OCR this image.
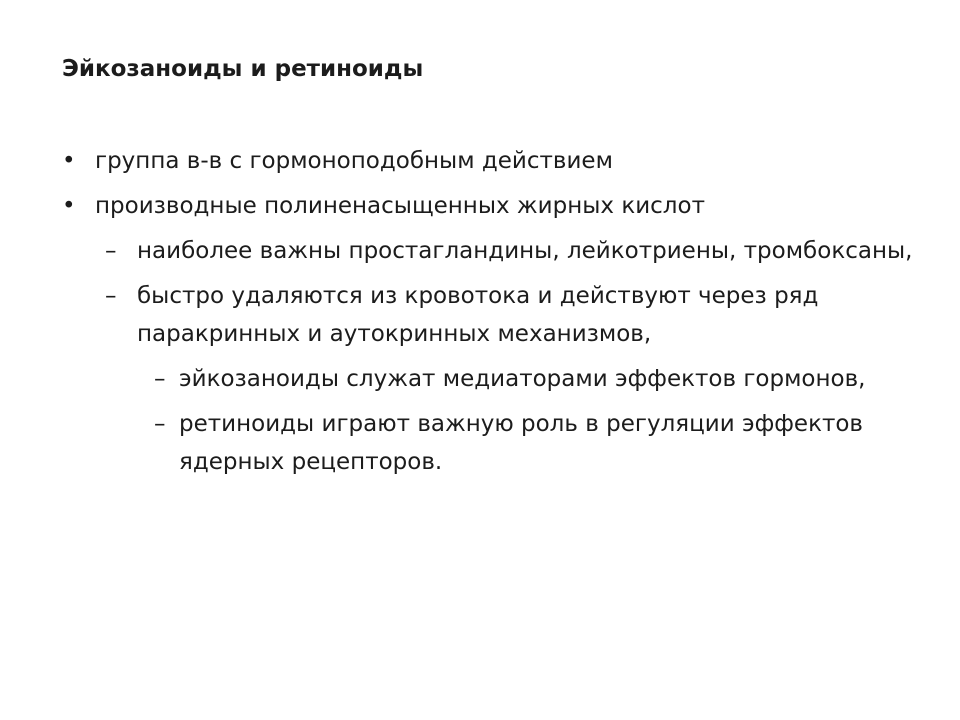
Эйкозаноиды и ретиноиды
• группа в-в с гормоноподобным действием
• производные полиненасыщенных жирных кислот
– наиболее важны простагландины, лейкотриены, тромбоксаны,
– быстро удаляются из кровотока и действуют через ряд паракринных и аутокринных механизмов,
– эйкозаноиды служат медиаторами эффектов гормонов,
– ретиноиды играют важную роль в регуляции эффектов ядерных рецепторов.
